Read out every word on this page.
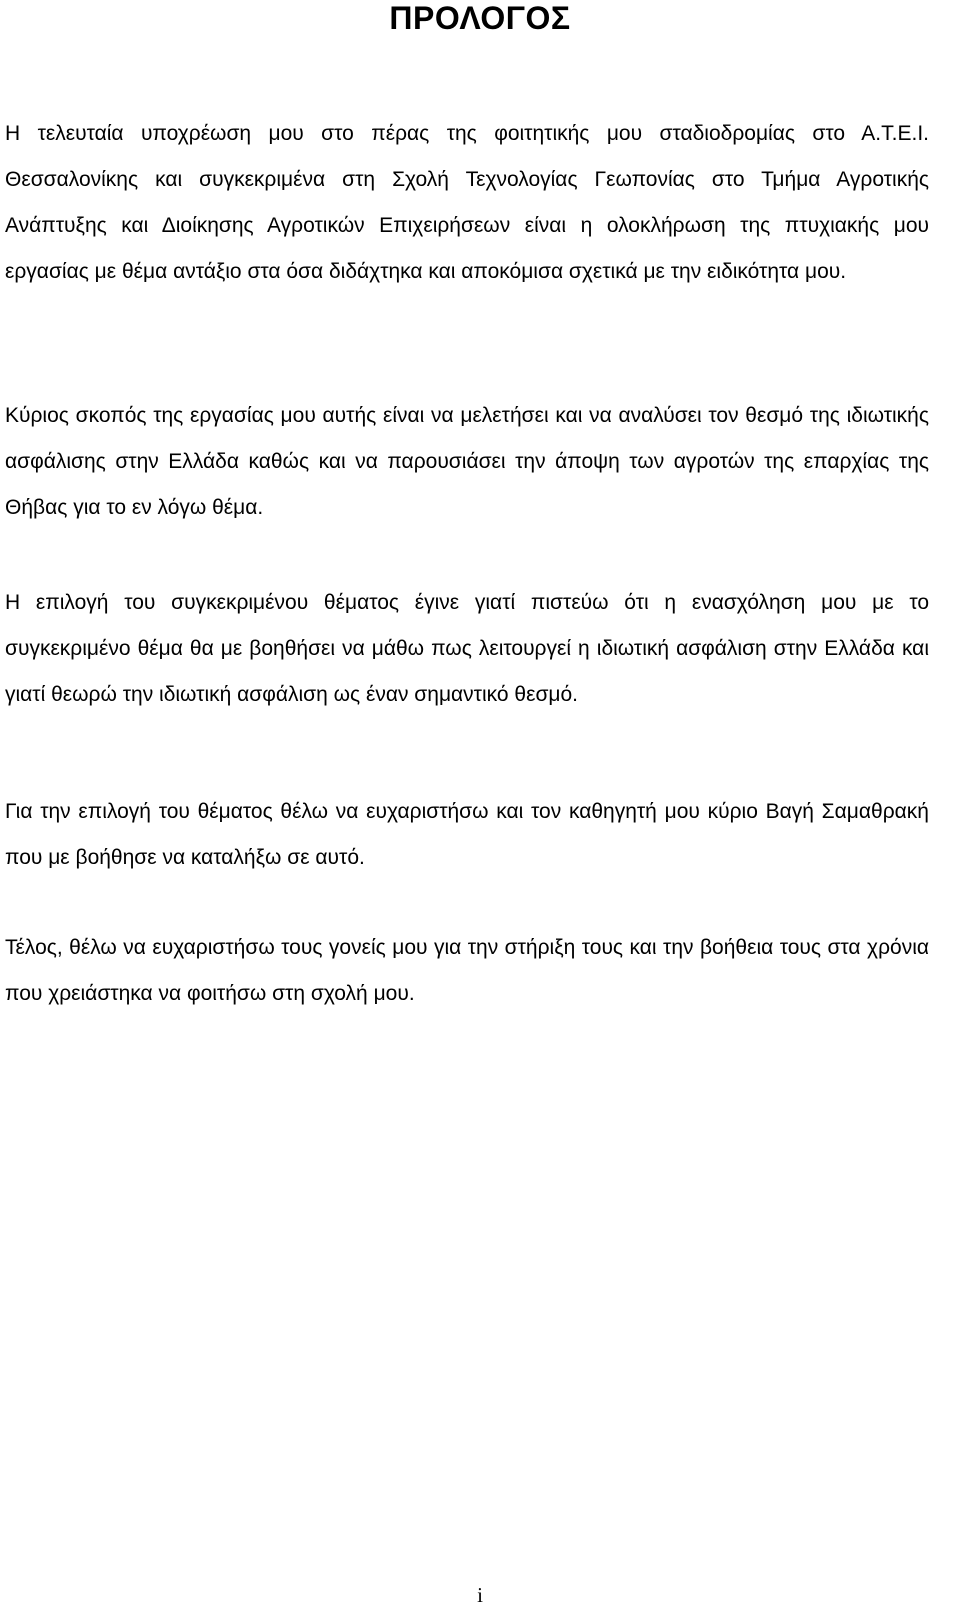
ΠΡΟΛΟΓΟΣ

Η τελευταία υποχρέωση μου στο πέρας της φοιτητικής μου σταδιοδρομίας στο Α.Τ.Ε.Ι. Θεσσαλονίκης και συγκεκριμένα στη Σχολή Τεχνολογίας Γεωπονίας στο Τμήμα Αγροτικής Ανάπτυξης και Διοίκησης Αγροτικών Επιχειρήσεων είναι η ολοκλήρωση της πτυχιακής μου εργασίας με θέμα αντάξιο στα όσα διδάχτηκα και αποκόμισα σχετικά με την ειδικότητα μου.

Κύριος σκοπός της εργασίας μου αυτής είναι να μελετήσει και να αναλύσει τον θεσμό της ιδιωτικής ασφάλισης στην Ελλάδα καθώς και να παρουσιάσει την άποψη των αγροτών της επαρχίας της Θήβας για το εν λόγω θέμα.

Η επιλογή του συγκεκριμένου θέματος έγινε γιατί πιστεύω ότι η ενασχόληση μου με το συγκεκριμένο θέμα θα με βοηθήσει να μάθω πως λειτουργεί η ιδιωτική ασφάλιση στην Ελλάδα και γιατί θεωρώ την ιδιωτική ασφάλιση ως έναν σημαντικό θεσμό.

Για την επιλογή του θέματος θέλω να ευχαριστήσω και τον καθηγητή μου κύριο Βαγή Σαμαθρακή που με βοήθησε να καταλήξω σε αυτό.

Τέλος, θέλω να ευχαριστήσω τους γονείς μου για την στήριξη τους και την βοήθεια τους στα χρόνια που χρειάστηκα να φοιτήσω στη σχολή μου.

i
